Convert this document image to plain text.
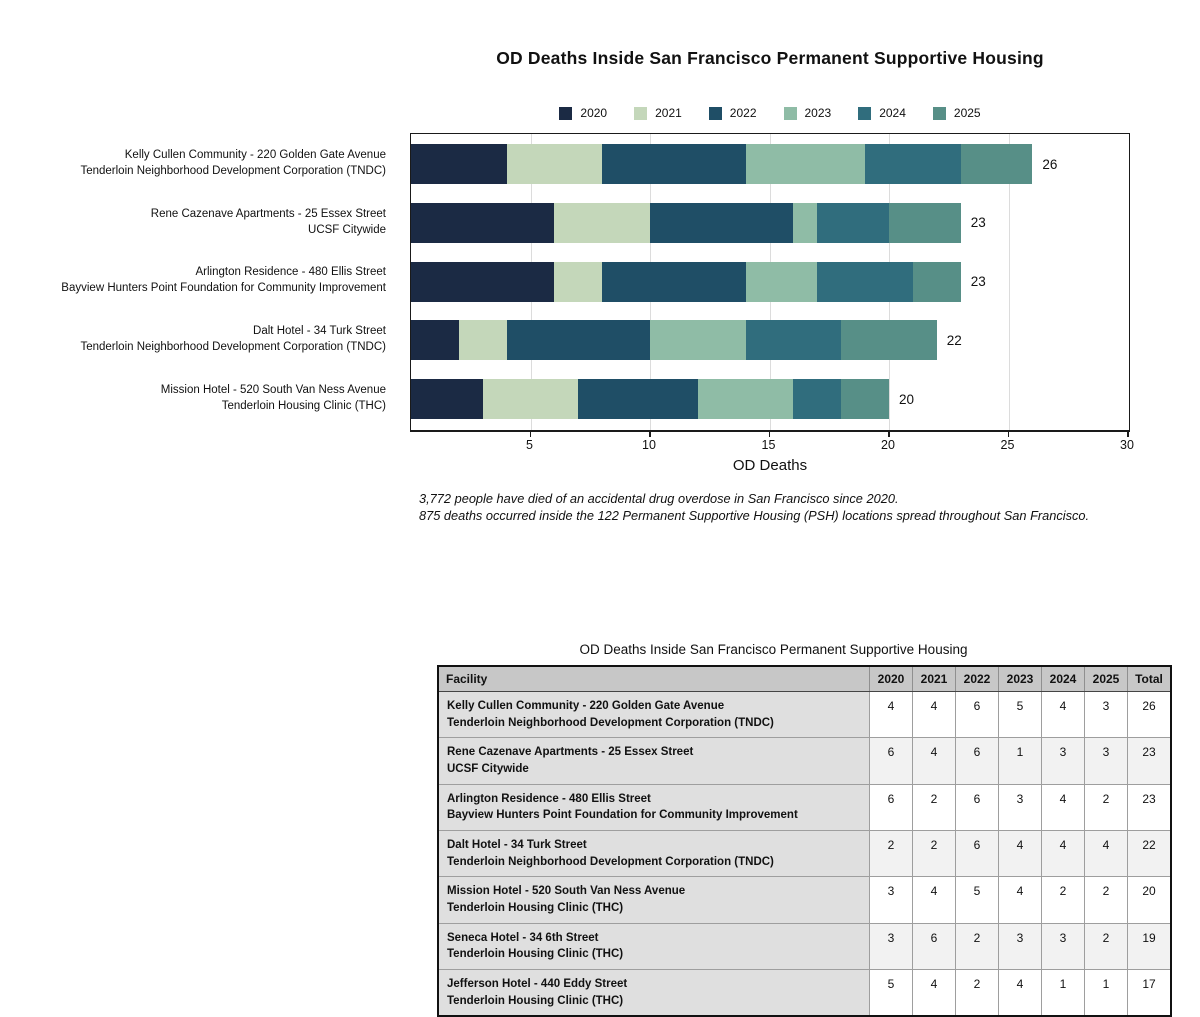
OD Deaths Inside San Francisco Permanent Supportive Housing
2020	2021	2022	2023	2024	2025
Kelly Cullen Community - 220 Golden Gate Avenue
Tenderloin Neighborhood Development Corporation (TNDC)
Rene Cazenave Apartments - 25 Essex Street
UCSF Citywide
Arlington Residence - 480 Ellis Street
Bayview Hunters Point Foundation for Community Improvement
Dalt Hotel - 34 Turk Street
Tenderloin Neighborhood Development Corporation (TNDC)
Mission Hotel - 520 South Van Ness Avenue
Tenderloin Housing Clinic (THC)
26
23
23
22
20
5	10	15	20	25	30
OD Deaths

3,772 people have died of an accidental drug overdose in San Francisco since 2020.

875 deaths occurred inside the 122 Permanent Supportive Housing (PSH) locations spread throughout San Francisco.

OD Deaths Inside San Francisco Permanent Supportive Housing
Facility	2020	2021	2022	2023	2024	2025	Total

Kelly Cullen Community - 220 Golden Gate Avenue
Tenderloin Neighborhood Development Corporation (TNDC)	4	4	6	5	4	3	26

Rene Cazenave Apartments - 25 Essex Street
UCSF Citywide	6	4	6	1	3	3	23

Arlington Residence - 480 Ellis Street
Bayview Hunters Point Foundation for Community Improvement	6	2	6	3	4	2	23

Dalt Hotel - 34 Turk Street
Tenderloin Neighborhood Development Corporation (TNDC)	2	2	6	4	4	4	22

Mission Hotel - 520 South Van Ness Avenue
Tenderloin Housing Clinic (THC)	3	4	5	4	2	2	20

Seneca Hotel - 34 6th Street
Tenderloin Housing Clinic (THC)	3	6	2	3	3	2	19

Jefferson Hotel - 440 Eddy Street
Tenderloin Housing Clinic (THC)	5	4	2	4	1	1	17
